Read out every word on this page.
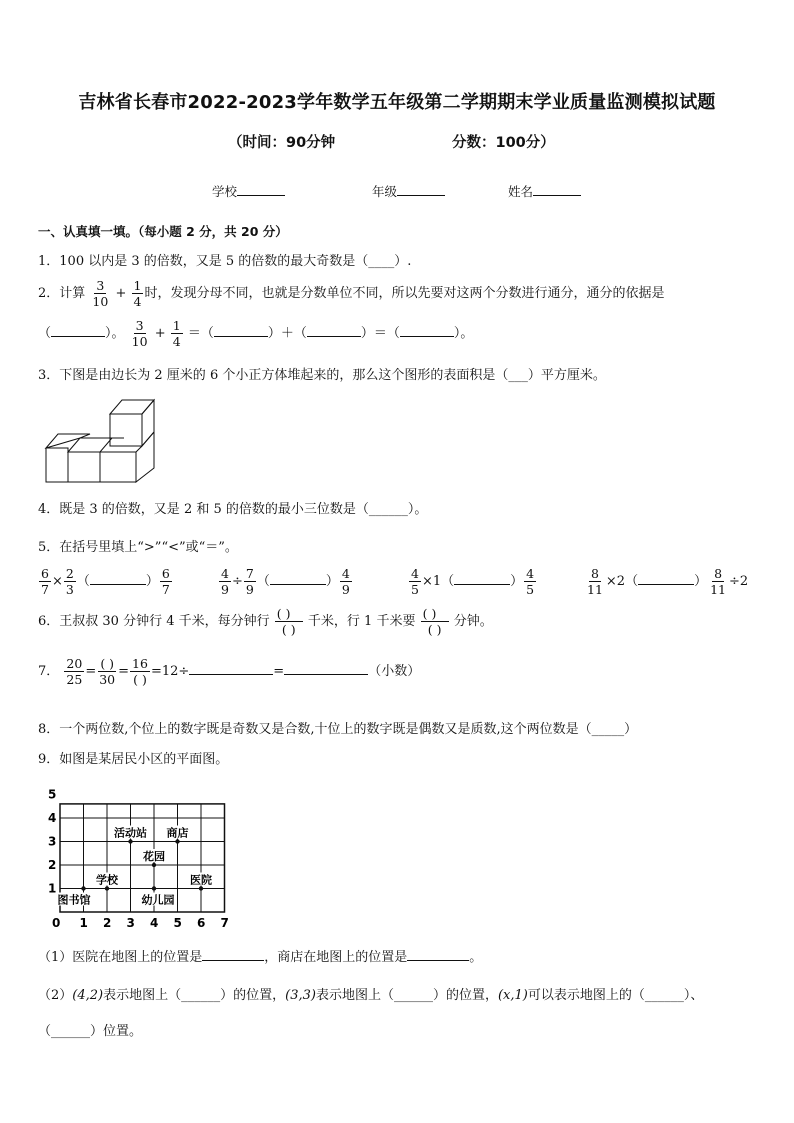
吉林省长春市2022-2023学年数学五年级第二学期期末学业质量监测模拟试题
（时间：90分钟	分数：100分）
学校	年级	姓名
一、认真填一填。（每小题 2 分，共 20 分）
1．100 以内是 3 的倍数，又是 5 的倍数的最大奇数是（____）.
2．计算 $\frac{3}{10} + \frac{1}{4}$ 时，发现分母不同，也就是分数单位不同，所以先要对这两个分数进行通分，通分的依据是
（	）。 $\frac{3}{10} + \frac{1}{4}$ ＝（	）＋（	）＝（	）。
3．下图是由边长为 2 厘米的 6 个小正方体堆起来的，那么这个图形的表面积是（___）平方厘米。
4．既是 3 的倍数，又是 2 和 5 的倍数的最小三位数是（______）。
5．在括号里填上“>”“<”或“＝”。
$\frac{6}{7} \times \frac{2}{3}$ （	） $\frac{6}{7}$	$\frac{4}{9} \div \frac{7}{9}$ （	） $\frac{4}{9}$	$\frac{4}{5} \times 1$（	） $\frac{4}{5}$	$\frac{8}{11} \times 2$（	） $\frac{8}{11} \div 2$
6．王叔叔 30 分钟行 4 千米，每分钟行 $\frac{( )}{( )}$ 千米，行 1 千米要 $\frac{( )}{( )}$ 分钟。
7． $\frac{20}{25} = \frac{( )}{30} = \frac{16}{( )} =12\div$	=	（小数）
8．一个两位数,个位上的数字既是奇数又是合数,十位上的数字既是偶数又是质数,这个两位数是（_____）
9．如图是某居民小区的平面图。
0 1 2 3 4 5 6 7
1
2
3
4
5
活动站 商店
花园
学校	医院
图书馆	幼儿园
（1）医院在地图上的位置是	，商店在地图上的位置是	。
（2）(4,2)表示地图上（______）的位置，(3,3)表示地图上（______）的位置，(x,1)可以表示地图上的（______）、
（______）位置。
